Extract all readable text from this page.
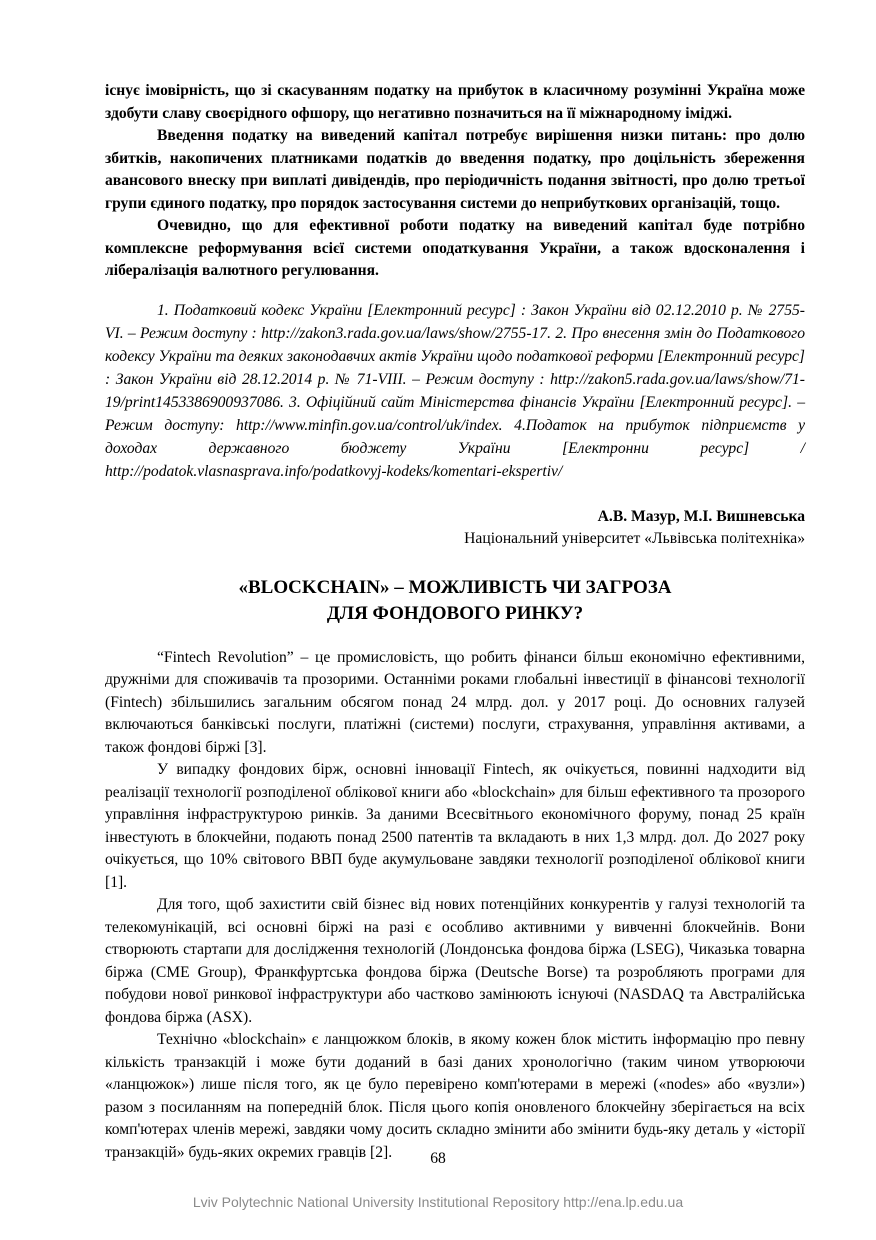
існує імовірність, що зі скасуванням податку на прибуток в класичному розумінні Україна може здобути славу своєрідного офшору, що негативно позначиться на її міжнародному іміджі.

Введення податку на виведений капітал потребує вирішення низки питань: про долю збитків, накопичених платниками податків до введення податку, про доцільність збереження авансового внеску при виплаті дивідендів, про періодичність подання звітності, про долю третьої групи єдиного податку, про порядок застосування системи до неприбуткових організацій, тощо.

Очевидно, що для ефективної роботи податку на виведений капітал буде потрібно комплексне реформування всієї системи оподаткування України, а також вдосконалення і лібералізація валютного регулювання.

1. Податковий кодекс України [Електронний ресурс] : Закон України від 02.12.2010 р. № 2755-VI. – Режим доступу : http://zakon3.rada.gov.ua/laws/show/2755-17. 2. Про внесення змін до Податкового кодексу України та деяких законодавчих актів України щодо податкової реформи [Електронний ресурс] : Закон України від 28.12.2014 р. № 71-VIII. – Режим доступу : http://zakon5.rada.gov.ua/laws/show/71- 19/print1453386900937086. 3. Офіційний сайт Міністерства фінансів України [Електронний ресурс]. – Режим доступу: http://www.minfin.gov.ua/control/uk/index. 4.Податок на прибуток підприємств у доходах державного бюджету України [Електронни ресурс] / http://podatok.vlasnasprava.info/podatkovyj-kodeks/komentari-ekspertiv/

А.В. Мазур, М.І. Вишневська

Національний університет «Львівська політехніка»

«BLOCKCHAIN» – МОЖЛИВІСТЬ ЧИ ЗАГРОЗА
ДЛЯ ФОНДОВОГО РИНКУ?

“Fintech Revolution” – це промисловість, що робить фінанси більш економічно ефективними, дружніми для споживачів та прозорими. Останніми роками глобальні інвестиції в фінансові технології (Fintech) збільшились загальним обсягом понад 24 млрд. дол. у 2017 році. До основних галузей включаються банківські послуги, платіжні (системи) послуги, страхування, управління активами, а також фондові біржі [3].

У випадку фондових бірж, основні інновації Fintech, як очікується, повинні надходити від реалізації технології розподіленої облікової книги або «blockchain» для більш ефективного та прозорого управління інфраструктурою ринків. За даними Всесвітнього економічного форуму, понад 25 країн інвестують в блокчейни, подають понад 2500 патентів та вкладають в них 1,3 млрд. дол. До 2027 року очікується, що 10% світового ВВП буде акумульоване завдяки технології розподіленої облікової книги [1].

Для того, щоб захистити свій бізнес від нових потенційних конкурентів у галузі технологій та телекомунікацій, всі основні біржі на разі є особливо активними у вивченні блокчейнів. Вони створюють стартапи для дослідження технологій (Лондонська фондова біржа (LSEG), Чиказька товарна біржа (CME Group), Франкфуртська фондова біржа (Deutsche Borse) та розробляють програми для побудови нової ринкової інфраструктури або частково замінюють існуючі (NASDAQ та Австралійська фондова біржа (ASX).

Технічно «blockchain» є ланцюжком блоків, в якому кожен блок містить інформацію про певну кількість транзакцій і може бути доданий в базі даних хронологічно (таким чином утворюючи «ланцюжок») лише після того, як це було перевірено комп'ютерами в мережі («nodes» або «вузли») разом з посиланням на попередній блок. Після цього копія оновленого блокчейну зберігається на всіх комп'ютерах членів мережі, завдяки чому досить складно змінити або змінити будь-яку деталь у «історії транзакцій» будь-яких окремих гравців [2].	68
Lviv Polytechnic National University Institutional Repository http://ena.lp.edu.ua
